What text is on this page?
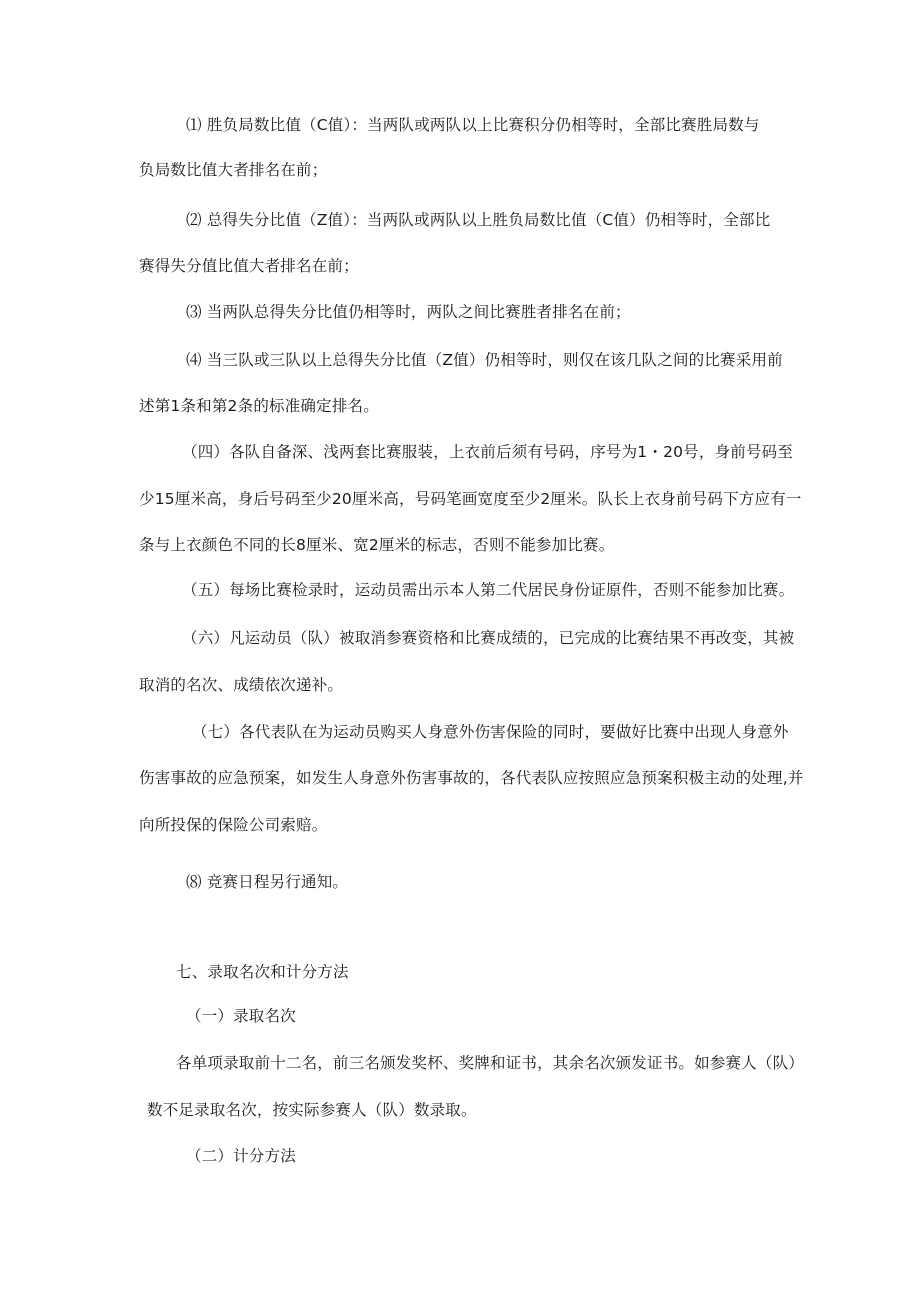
⑴ 胜负局数比值（C值）：当两队或两队以上比赛积分仍相等时，全部比赛胜局数与
负局数比值大者排名在前；
⑵ 总得失分比值（Z值）：当两队或两队以上胜负局数比值（C值）仍相等时，全部比
赛得失分值比值大者排名在前；
⑶ 当两队总得失分比值仍相等时，两队之间比赛胜者排名在前；
⑷ 当三队或三队以上总得失分比值（Z值）仍相等时，则仅在该几队之间的比赛采用前
述第1条和第2条的标准确定排名。
（四）各队自备深、浅两套比赛服装，上衣前后须有号码，序号为1・20号，身前号码至
少15厘米高，身后号码至少20厘米高，号码笔画宽度至少2厘米。队长上衣身前号码下方应有一
条与上衣颜色不同的长8厘米、宽2厘米的标志，否则不能参加比赛。
（五）每场比赛检录时，运动员需出示本人第二代居民身份证原件，否则不能参加比赛。
（六）凡运动员（队）被取消参赛资格和比赛成绩的，已完成的比赛结果不再改变，其被
取消的名次、成绩依次递补。
（七）各代表队在为运动员购买人身意外伤害保险的同时，要做好比赛中出现人身意外
伤害事故的应急预案，如发生人身意外伤害事故的，各代表队应按照应急预案积极主动的处理,并
向所投保的保险公司索赔。
⑻ 竞赛日程另行通知。
七、录取名次和计分方法
（一）录取名次
各单项录取前十二名，前三名颁发奖杯、奖牌和证书，其余名次颁发证书。如参赛人（队）
数不足录取名次，按实际参赛人（队）数录取。
（二）计分方法
